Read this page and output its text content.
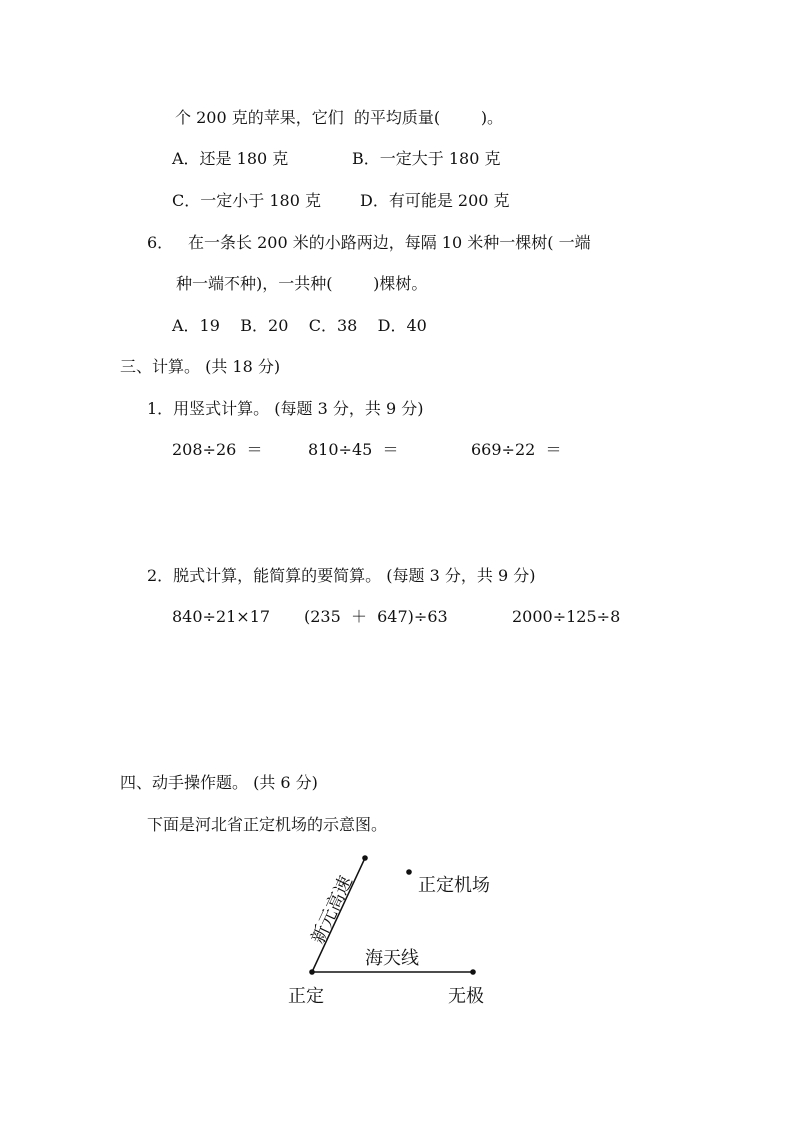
个 200 克的苹果，它们  的平均质量(        )。
A．还是 180 克	B．一定大于 180 克
C．一定小于 180 克 D．有可能是 200 克
6． 在一条长 200 米的小路两边，每隔 10 米种一棵树( 一端
种一端不种)，一共种(        )棵树。
A．19    B．20    C．38    D．40
三、计算。 (共 18 分)
1．用竖式计算。 (每题 3 分，共 9 分)
208÷26  ＝	810÷45  ＝	669÷22  ＝
2．脱式计算，能简算的要简算。 (每题 3 分，共 9 分)
840÷21×17 (235  ＋  647)÷63	2000÷125÷8
四、动手操作题。 (共 6 分)
下面是河北省正定机场的示意图。
新元高速
海天线
正定机场
正定	无极
